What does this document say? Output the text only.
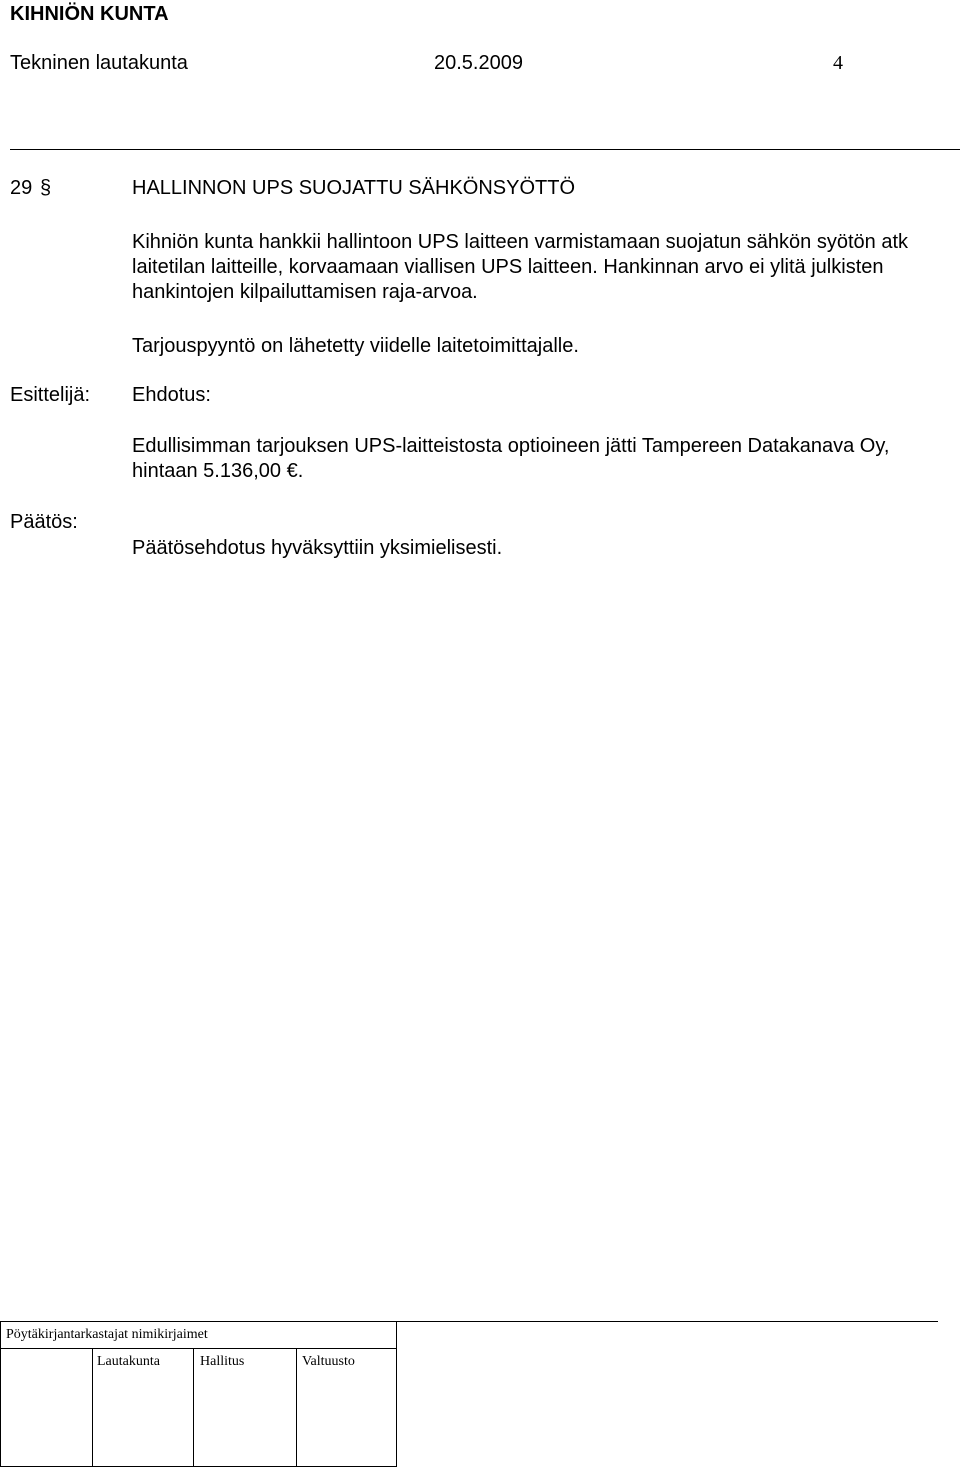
KIHNIÖN KUNTA
Tekninen lautakunta	20.5.2009	4
29 §	HALLINNON UPS SUOJATTU SÄHKÖNSYÖTTÖ
Kihniön kunta hankkii hallintoon UPS laitteen varmistamaan suojatun sähkön syötön atk laitetilan laitteille, korvaamaan viallisen UPS laitteen. Hankinnan arvo ei ylitä julkisten hankintojen kilpailuttamisen raja-arvoa.
Tarjouspyyntö on lähetetty viidelle laitetoimittajalle.
Esittelijä: Ehdotus:
Edullisimman tarjouksen UPS-laitteistosta optioineen jätti Tampereen Datakanava Oy, hintaan 5.136,00 €.
Päätös:
Päätösehdotus hyväksyttiin yksimielisesti.
Pöytäkirjantarkastajat nimikirjaimet
Lautakunta	Hallitus	Valtuusto
